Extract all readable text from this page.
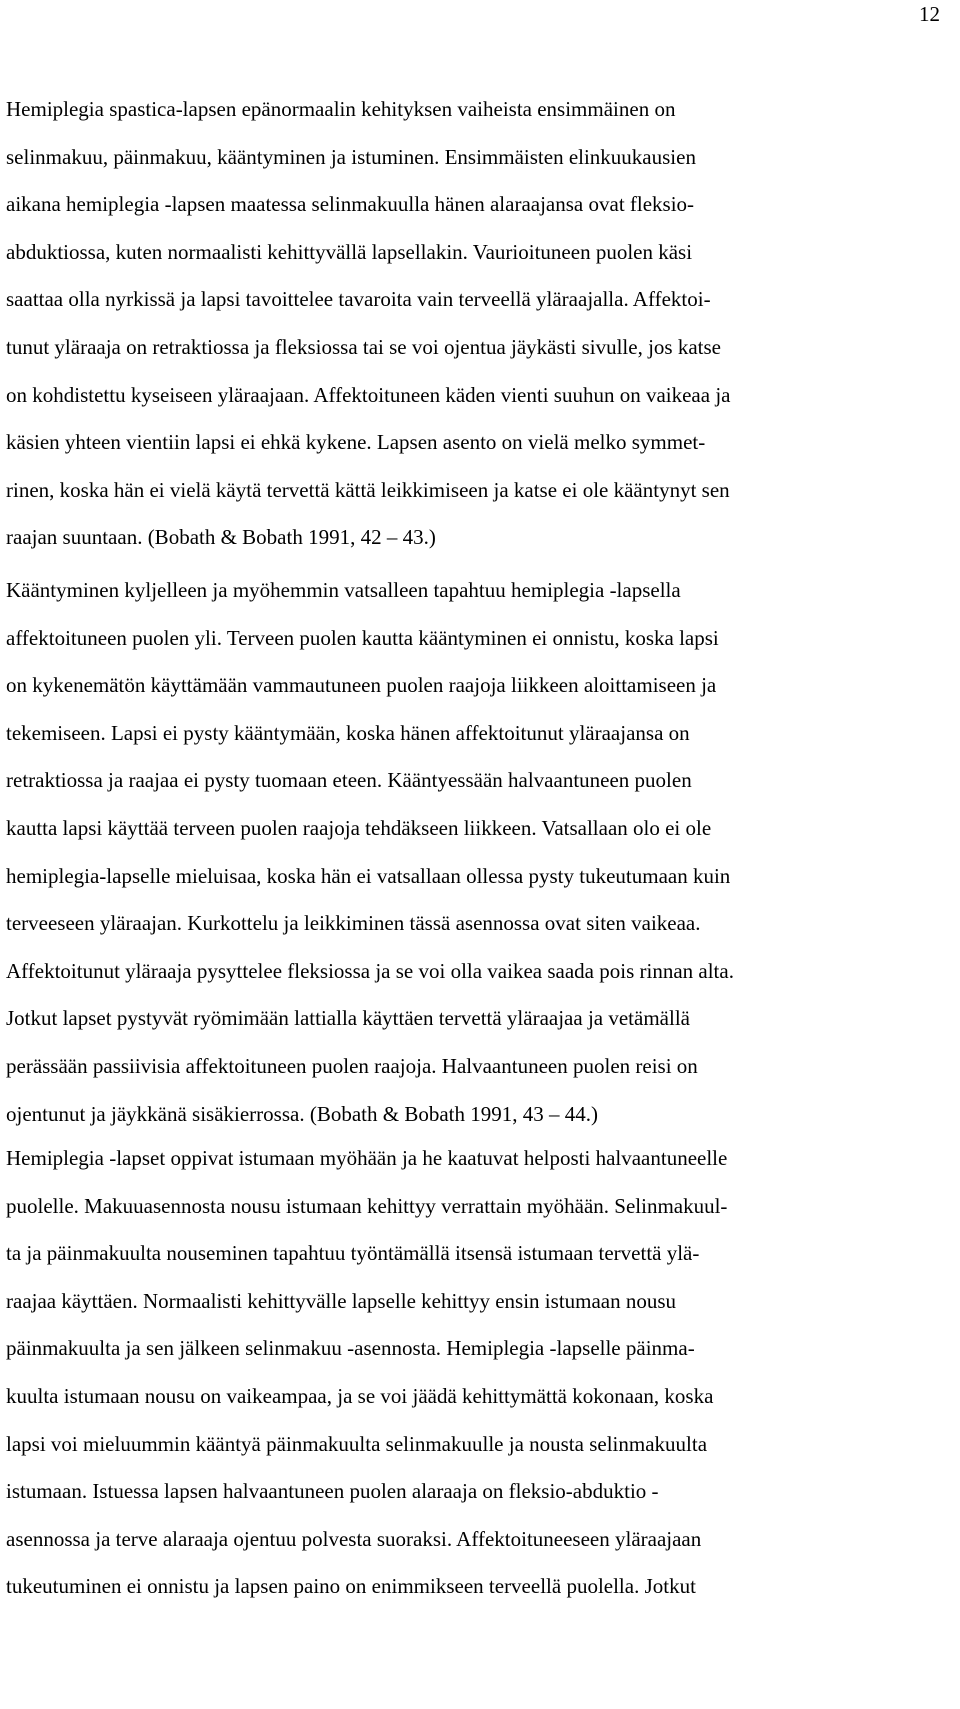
12
Hemiplegia spastica-lapsen epänormaalin kehityksen vaiheista ensimmäinen on
selinmakuu, päinmakuu, kääntyminen ja istuminen. Ensimmäisten elinkuukausien
aikana hemiplegia -lapsen maatessa selinmakuulla hänen alaraajansa ovat fleksio-
abduktiossa, kuten normaalisti kehittyvällä lapsellakin. Vaurioituneen puolen käsi
saattaa olla nyrkissä ja lapsi tavoittelee tavaroita vain terveellä yläraajalla. Affektoi-
tunut yläraaja on retraktiossa ja fleksiossa tai se voi ojentua jäykästi sivulle, jos katse
on kohdistettu kyseiseen yläraajaan. Affektoituneen käden vienti suuhun on vaikeaa ja
käsien yhteen vientiin lapsi ei ehkä kykene. Lapsen asento on vielä melko symmet-
rinen, koska hän ei vielä käytä tervettä kättä leikkimiseen ja katse ei ole kääntynyt sen
raajan suuntaan. (Bobath & Bobath 1991, 42 – 43.)
Kääntyminen kyljelleen ja myöhemmin vatsalleen tapahtuu hemiplegia -lapsella
affektoituneen puolen yli. Terveen puolen kautta kääntyminen ei onnistu, koska lapsi
on kykenemätön käyttämään vammautuneen puolen raajoja liikkeen aloittamiseen ja
tekemiseen. Lapsi ei pysty kääntymään, koska hänen affektoitunut yläraajansa on
retraktiossa ja raajaa ei pysty tuomaan eteen. Kääntyessään halvaantuneen puolen
kautta lapsi käyttää terveen puolen raajoja tehdäkseen liikkeen. Vatsallaan olo ei ole
hemiplegia-lapselle mieluisaa, koska hän ei vatsallaan ollessa pysty tukeutumaan kuin
terveeseen yläraajan. Kurkottelu ja leikkiminen tässä asennossa ovat siten vaikeaa.
Affektoitunut yläraaja pysyttelee fleksiossa ja se voi olla vaikea saada pois rinnan alta.
Jotkut lapset pystyvät ryömimään lattialla käyttäen tervettä yläraajaa ja vetämällä
perässään passiivisia affektoituneen puolen raajoja. Halvaantuneen puolen reisi on
ojentunut ja jäykkänä sisäkierrossa. (Bobath & Bobath 1991, 43 – 44.)
Hemiplegia -lapset oppivat istumaan myöhään ja he kaatuvat helposti halvaantuneelle
puolelle. Makuuasennosta nousu istumaan kehittyy verrattain myöhään. Selinmakuul-
ta ja päinmakuulta nouseminen tapahtuu työntämällä itsensä istumaan tervettä ylä-
raajaa käyttäen. Normaalisti kehittyvälle lapselle kehittyy ensin istumaan nousu
päinmakuulta ja sen jälkeen selinmakuu -asennosta. Hemiplegia -lapselle päinma-
kuulta istumaan nousu on vaikeampaa, ja se voi jäädä kehittymättä kokonaan, koska
lapsi voi mieluummin kääntyä päinmakuulta selinmakuulle ja nousta selinmakuulta
istumaan. Istuessa lapsen halvaantuneen puolen alaraaja on fleksio-abduktio -
asennossa ja terve alaraaja ojentuu polvesta suoraksi. Affektoituneeseen yläraajaan
tukeutuminen ei onnistu ja lapsen paino on enimmikseen terveellä puolella. Jotkut
